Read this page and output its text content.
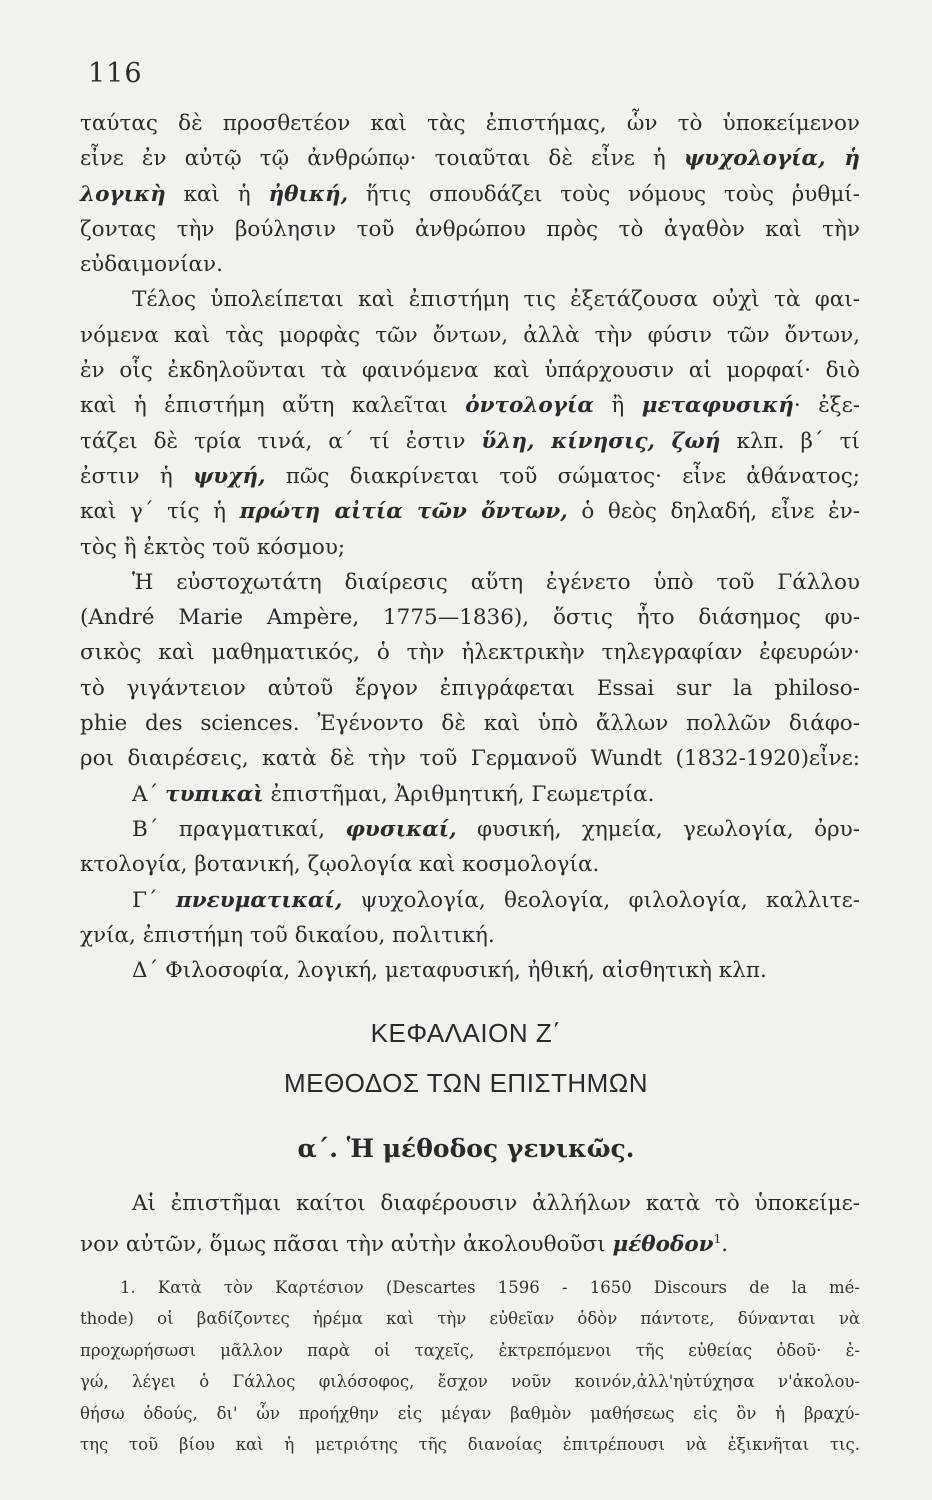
116
ταύτας δὲ προσθετέον καὶ τὰς ἐπιστήμας, ὧν τὸ ὑποκείμενον
εἶνε ἐν αὐτῷ τῷ ἀνθρώπῳ· τοιαῦται δὲ εἶνε ἡ ψυχολογία, ἡ
λογικὴ καὶ ἡ ἠθική, ἥτις σπουδάζει τοὺς νόμους τοὺς ῥυθμί-
ζοντας τὴν βούλησιν τοῦ ἀνθρώπου πρὸς τὸ ἀγαθὸν καὶ τὴν
εὐδαιμονίαν.
Τέλος ὑπολείπεται καὶ ἐπιστήμη τις ἐξετάζουσα οὐχὶ τὰ φαι-
νόμενα καὶ τὰς μορφὰς τῶν ὄντων, ἀλλὰ τὴν φύσιν τῶν ὄντων,
ἐν οἷς ἐκδηλοῦνται τὰ φαινόμενα καὶ ὑπάρχουσιν αἱ μορφαί· διὸ
καὶ ἡ ἐπιστήμη αὕτη καλεῖται ὀντολογία ἢ μεταφυσική· ἐξε-
τάζει δὲ τρία τινά, α΄ τί ἐστιν ὕλη, κίνησις, ζωή κλπ. β΄ τί
ἐστιν ἡ ψυχή, πῶς διακρίνεται τοῦ σώματος· εἶνε ἀθάνατος;
καὶ γ΄ τίς ἡ πρώτη αἰτία τῶν ὄντων, ὁ θεὸς δηλαδή, εἶνε ἐν-
τὸς ἢ ἐκτὸς τοῦ κόσμου;
Ἡ εὐστοχωτάτη διαίρεσις αὕτη ἐγένετο ὑπὸ τοῦ Γάλλου
(André Marie Ampère, 1775—1836), ὅστις ἦτο διάσημος φυ-
σικὸς καὶ μαθηματικός, ὁ τὴν ἠλεκτρικὴν τηλεγραφίαν ἐφευρών·
τὸ γιγάντειον αὐτοῦ ἔργον ἐπιγράφεται Essai sur la philoso-
phie des sciences. Ἐγένοντο δὲ καὶ ὑπὸ ἄλλων πολλῶν διάφο-
ροι διαιρέσεις, κατὰ δὲ τὴν τοῦ Γερμανοῦ Wundt (1832-1920)εἶνε:
Α΄ τυπικαὶ ἐπιστῆμαι, Ἀριθμητική, Γεωμετρία.
Β΄ πραγματικαί, φυσικαί, φυσική, χημεία, γεωλογία, ὀρυ-
κτολογία, βοτανική, ζῳολογία καὶ κοσμολογία.
Γ΄ πνευματικαί, ψυχολογία, θεολογία, φιλολογία, καλλιτε-
χνία, ἐπιστήμη τοῦ δικαίου, πολιτική.
Δ΄ Φιλοσοφία, λογική, μεταφυσική, ἠθική, αἰσθητικὴ κλπ.
ΚΕΦΑΛΑΙΟΝ Ζ΄
ΜΕΘΟΔΟΣ ΤΩΝ ΕΠΙΣΤΗΜΩΝ
α΄. Ἡ μέθοδος γενικῶς.
Αἱ ἐπιστῆμαι καίτοι διαφέρουσιν ἀλλήλων κατὰ τὸ ὑποκείμε-
νον αὐτῶν, ὅμως πᾶσαι τὴν αὐτὴν ἀκολουθοῦσι μέθοδον$^1$.
1. Κατὰ τὸν Καρτέσιον (Descartes 1596 - 1650 Discours de la mé-
thode) οἱ βαδίζοντες ἠρέμα καὶ τὴν εὐθεῖαν ὁδὸν πάντοτε, δύνανται νὰ
προχωρήσωσι μᾶλλον παρὰ οἱ ταχεῖς, ἐκτρεπόμενοι τῆς εὐθείας ὁδοῦ· ἐ-
γώ, λέγει ὁ Γάλλος φιλόσοφος, ἔσχον νοῦν κοινόν,ἀλλ'ηὐτύχησα ν'ἀκολου-
θήσω ὁδούς, δι' ὧν προήχθην εἰς μέγαν βαθμὸν μαθήσεως εἰς ὃν ἡ βραχύ-
της τοῦ βίου καὶ ἡ μετριότης τῆς διανοίας ἐπιτρέπουσι νὰ ἐξικνῆται τις.
